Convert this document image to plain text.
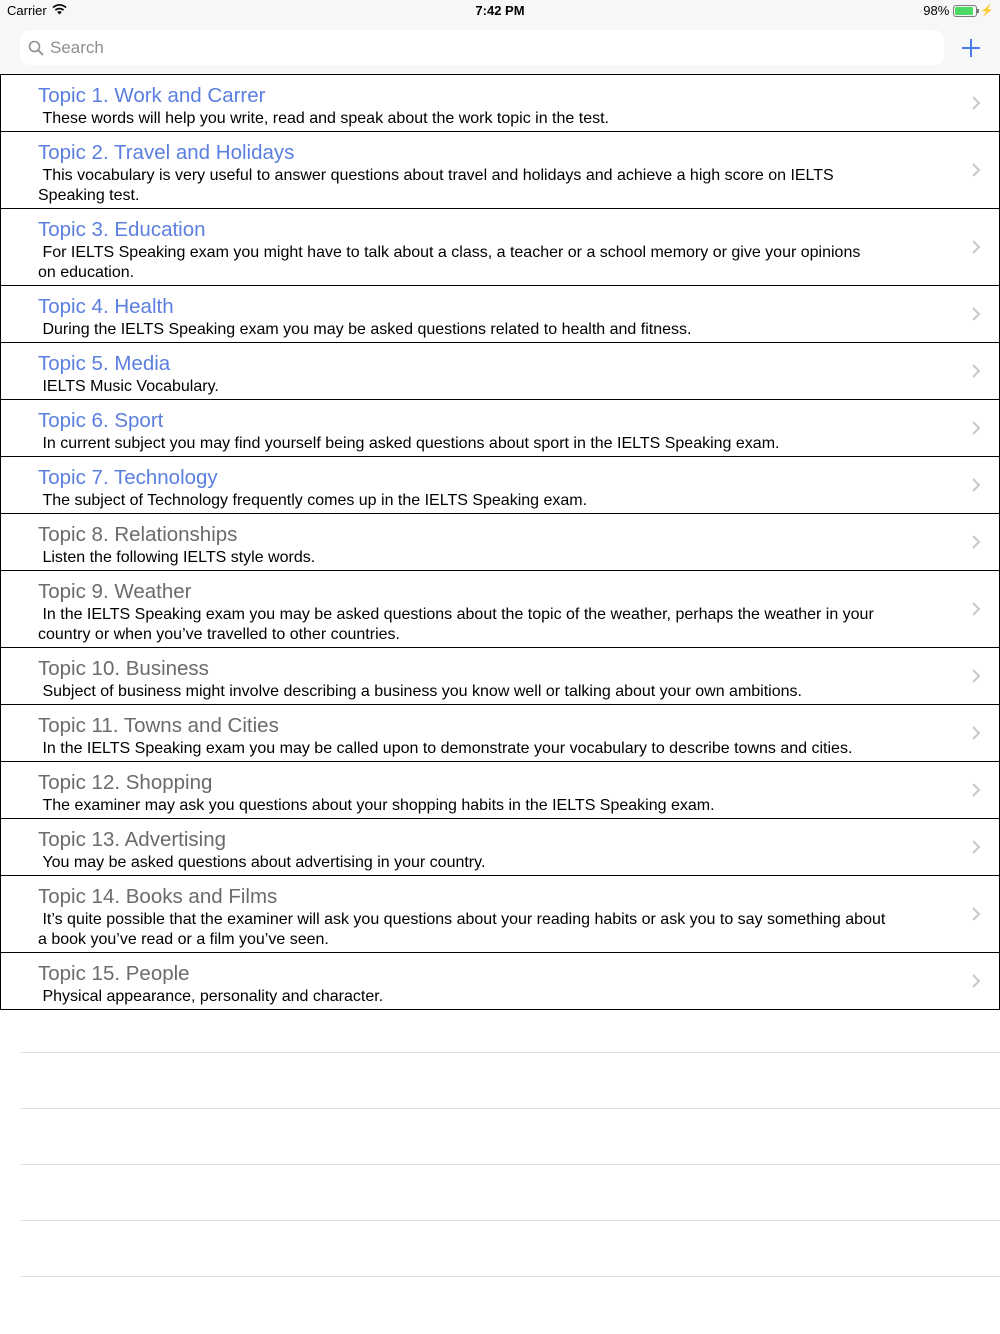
Carrier	7:42 PM	98%	⚡
Search
Topic 1. Work and Carrer
These words will help you write, read and speak about the work topic in the test.
Topic 2. Travel and Holidays
This vocabulary is very useful to answer questions about travel and holidays and achieve a high score on IELTS
Speaking test.
Topic 3. Education
For IELTS Speaking exam you might have to talk about a class, a teacher or a school memory or give your opinions
on education.
Topic 4. Health
During the IELTS Speaking exam you may be asked questions related to health and fitness.
Topic 5. Media
IELTS Music Vocabulary.
Topic 6. Sport
In current subject you may find yourself being asked questions about sport in the IELTS Speaking exam.
Topic 7. Technology
The subject of Technology frequently comes up in the IELTS Speaking exam.
Topic 8. Relationships
Listen the following IELTS style words.
Topic 9. Weather
In the IELTS Speaking exam you may be asked questions about the topic of the weather, perhaps the weather in your
country or when you’ve travelled to other countries.
Topic 10. Business
Subject of business might involve describing a business you know well or talking about your own ambitions.
Topic 11. Towns and Cities
In the IELTS Speaking exam you may be called upon to demonstrate your vocabulary to describe towns and cities.
Topic 12. Shopping
The examiner may ask you questions about your shopping habits in the IELTS Speaking exam.
Topic 13. Advertising
You may be asked questions about advertising in your country.
Topic 14. Books and Films
It’s quite possible that the examiner will ask you questions about your reading habits or ask you to say something about
a book you’ve read or a film you’ve seen.
Topic 15. People
Physical appearance, personality and character.
